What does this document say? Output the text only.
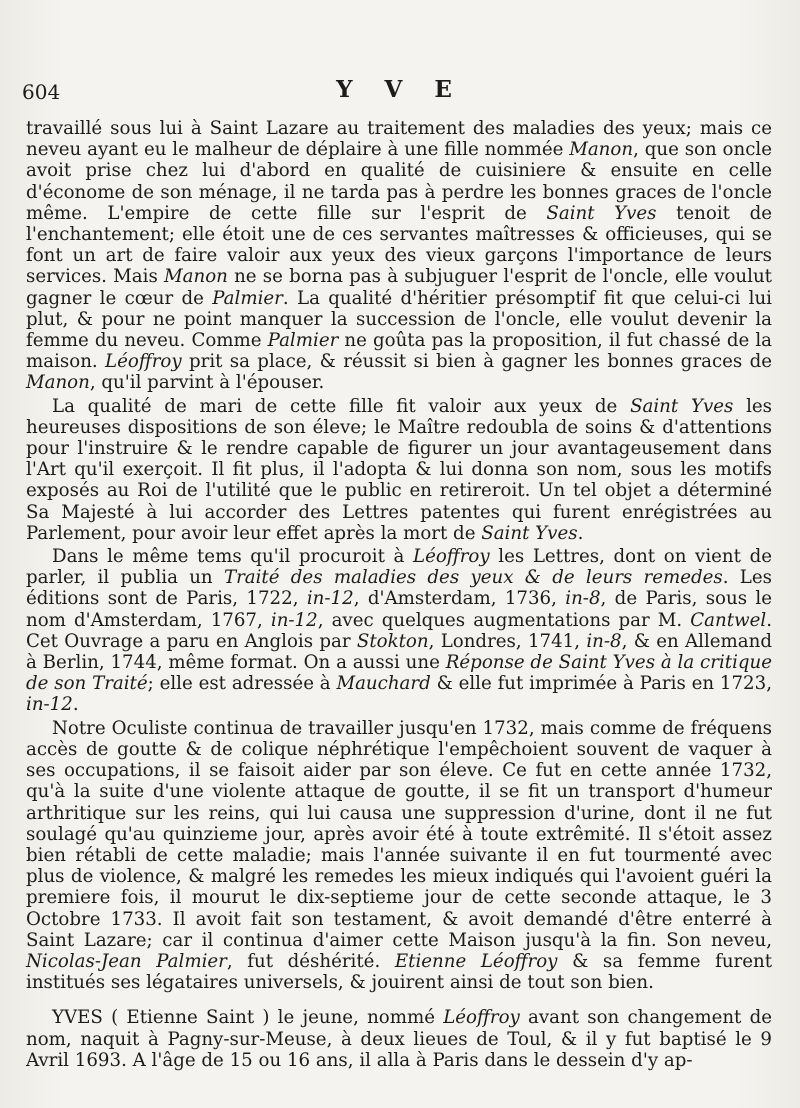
604	Y V E

travaillé sous lui à Saint Lazare au traitement des maladies des yeux; mais ce neveu ayant eu le malheur de déplaire à une fille nommée Manon, que son oncle avoit prise chez lui d'abord en qualité de cuisiniere & ensuite en celle d'économe de son ménage, il ne tarda pas à perdre les bonnes graces de l'oncle même. L'empire de cette fille sur l'esprit de Saint Yves tenoit de l'enchantement; elle étoit une de ces servantes maîtresses & officieuses, qui se font un art de faire valoir aux yeux des vieux garçons l'importance de leurs services. Mais Manon ne se borna pas à subjuguer l'esprit de l'oncle, elle voulut gagner le cœur de Palmier. La qualité d'héritier présomptif fit que celui-ci lui plut, & pour ne point manquer la succession de l'oncle, elle voulut devenir la femme du neveu. Comme Palmier ne goûta pas la proposition, il fut chassé de la maison. Léoffroy prit sa place, & réussit si bien à gagner les bonnes graces de Manon, qu'il parvint à l'épouser.

La qualité de mari de cette fille fit valoir aux yeux de Saint Yves les heureuses dispositions de son éleve; le Maître redoubla de soins & d'attentions pour l'instruire & le rendre capable de figurer un jour avantageusement dans l'Art qu'il exerçoit. Il fit plus, il l'adopta & lui donna son nom, sous les motifs exposés au Roi de l'utilité que le public en retireroit. Un tel objet a déterminé Sa Majesté à lui accorder des Lettres patentes qui furent enrégistrées au Parlement, pour avoir leur effet après la mort de Saint Yves.

Dans le même tems qu'il procuroit à Léoffroy les Lettres, dont on vient de parler, il publia un Traité des maladies des yeux & de leurs remedes. Les éditions sont de Paris, 1722, in-12, d'Amsterdam, 1736, in-8, de Paris, sous le nom d'Amsterdam, 1767, in-12, avec quelques augmentations par M. Cantwel. Cet Ouvrage a paru en Anglois par Stokton, Londres, 1741, in-8, & en Allemand à Berlin, 1744, même format. On a aussi une Réponse de Saint Yves à la critique de son Traité; elle est adressée à Mauchard & elle fut imprimée à Paris en 1723, in-12.

Notre Oculiste continua de travailler jusqu'en 1732, mais comme de fréquens accès de goutte & de colique néphrétique l'empêchoient souvent de vaquer à ses occupations, il se faisoit aider par son éleve. Ce fut en cette année 1732, qu'à la suite d'une violente attaque de goutte, il se fit un transport d'humeur arthritique sur les reins, qui lui causa une suppression d'urine, dont il ne fut soulagé qu'au quinzieme jour, après avoir été à toute extrêmité. Il s'étoit assez bien rétabli de cette maladie; mais l'année suivante il en fut tourmenté avec plus de violence, & malgré les remedes les mieux indiqués qui l'avoient guéri la premiere fois, il mourut le dix-septieme jour de cette seconde attaque, le 3 Octobre 1733. Il avoit fait son testament, & avoit demandé d'être enterré à Saint Lazare; car il continua d'aimer cette Maison jusqu'à la fin. Son neveu, Nicolas-Jean Palmier, fut déshérité. Etienne Léoffroy & sa femme furent institués ses légataires universels, & jouirent ainsi de tout son bien.

YVES ( Etienne Saint ) le jeune, nommé Léoffroy avant son changement de nom, naquit à Pagny-sur-Meuse, à deux lieues de Toul, & il y fut baptisé le 9 Avril 1693. A l'âge de 15 ou 16 ans, il alla à Paris dans le dessein d'y ap-
